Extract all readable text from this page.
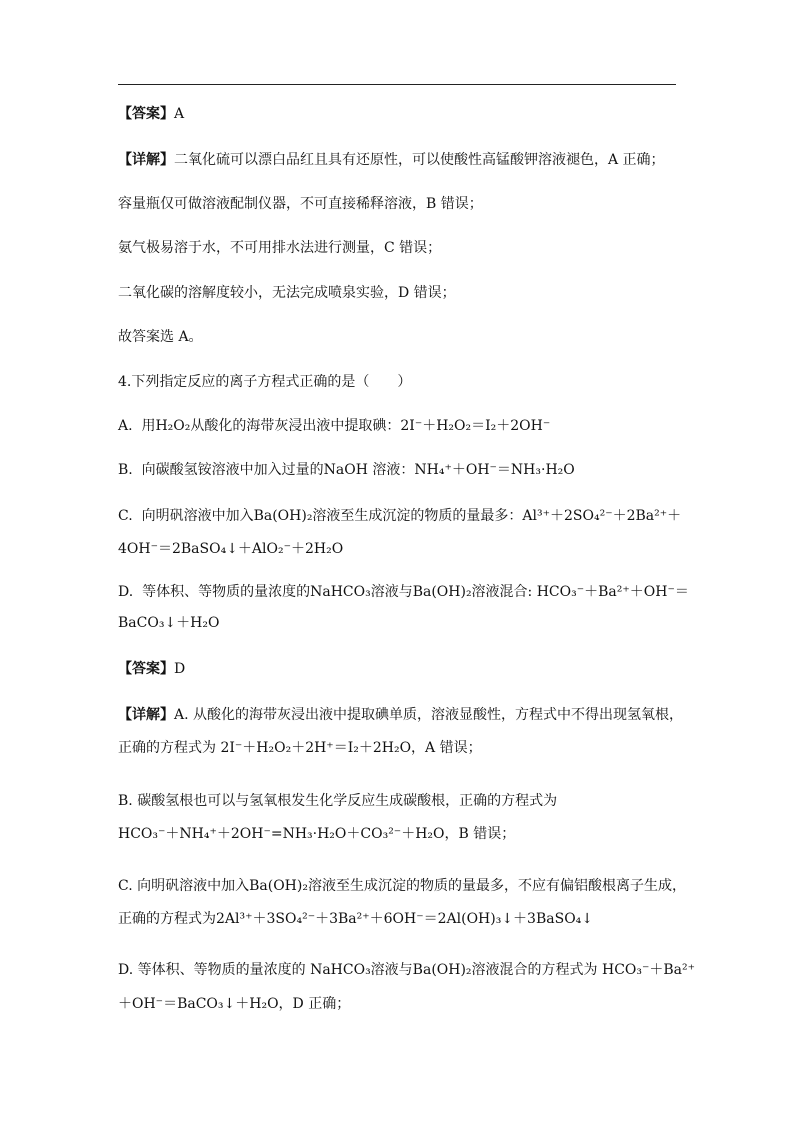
【答案】A
【详解】二氧化硫可以漂白品红且具有还原性，可以使酸性高锰酸钾溶液褪色，A 正确；
容量瓶仅可做溶液配制仪器，不可直接稀释溶液，B 错误；
氨气极易溶于水，不可用排水法进行测量，C 错误；
二氧化碳的溶解度较小，无法完成喷泉实验，D 错误；
故答案选 A。
4.下列指定反应的离子方程式正确的是（　　）
A. 用H₂O₂从酸化的海带灰浸出液中提取碘：2I⁻＋H₂O₂＝I₂＋2OH⁻
B. 向碳酸氢铵溶液中加入过量的NaOH 溶液：NH₄⁺＋OH⁻＝NH₃·H₂O
C. 向明矾溶液中加入Ba(OH)₂溶液至生成沉淀的物质的量最多：Al³⁺＋2SO₄²⁻＋2Ba²⁺＋
4OH⁻＝2BaSO₄↓＋AlO₂⁻＋2H₂O
D. 等体积、等物质的量浓度的NaHCO₃溶液与Ba(OH)₂溶液混合: HCO₃⁻＋Ba²⁺＋OH⁻＝
BaCO₃↓＋H₂O
【答案】D
【详解】A. 从酸化的海带灰浸出液中提取碘单质，溶液显酸性，方程式中不得出现氢氧根，
正确的方程式为 2I⁻＋H₂O₂＋2H⁺＝I₂＋2H₂O，A 错误；
B. 碳酸氢根也可以与氢氧根发生化学反应生成碳酸根，正确的方程式为
HCO₃⁻＋NH₄⁺＋2OH⁻=NH₃·H₂O＋CO₃²⁻＋H₂O，B 错误；
C. 向明矾溶液中加入Ba(OH)₂溶液至生成沉淀的物质的量最多，不应有偏铝酸根离子生成，
正确的方程式为2Al³⁺＋3SO₄²⁻＋3Ba²⁺＋6OH⁻＝2Al(OH)₃↓＋3BaSO₄↓
D. 等体积、等物质的量浓度的 NaHCO₃溶液与Ba(OH)₂溶液混合的方程式为 HCO₃⁻＋Ba²⁺
＋OH⁻＝BaCO₃↓＋H₂O，D 正确；
